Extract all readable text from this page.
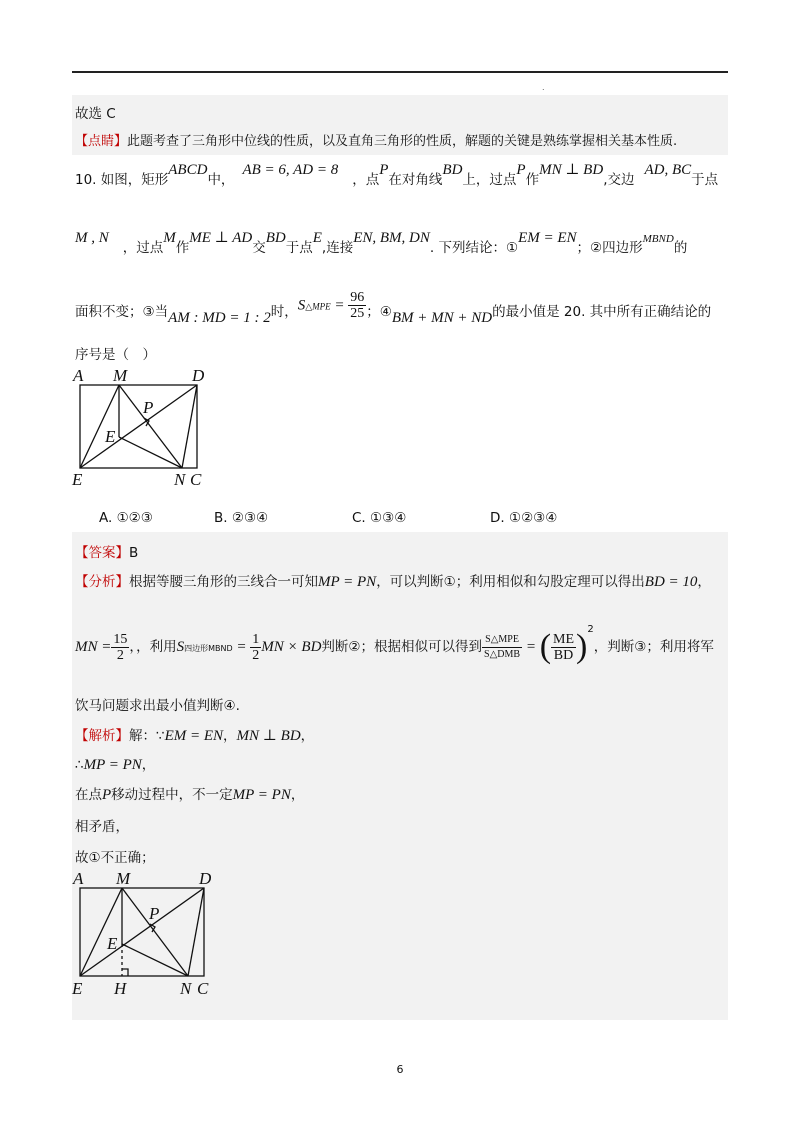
.
故选 C
【点睛】此题考查了三角形中位线的性质，以及直角三角形的性质，解题的关键是熟练掌握相关基本性质.
10. 如图，矩形ABCD中，AB = 6, AD = 8，点P在对角线BD上，过点P作MN ⊥ BD,交边AD, BC于点
M , N，过点M作ME ⊥ AD交BD于点E,连接EN, BM, DN. 下列结论：①EM = EN；②四边形$^{MBND}$的
面积不变；③当AM : MD = 1 : 2时，S△MPE = $\frac{96}{25}$ ；④BM + MN + ND的最小值是 20. 其中所有正确结论的
序号是（　）
A M	D
P
E
E	N C
A. ①②③	B. ②③④	C. ①③④	D. ①②③④
【答案】B
【分析】根据等腰三角形的三线合一可知MP = PN，可以判断①；利用相似和勾股定理可以得出BD = 10，
MN = $\frac{15}{2}$ ，，利用S四边形MBND = $\frac{1}{2}$ MN × BD判断②；根据相似可以得到 $\frac{\text{S△MPE}}{\text{S△DMB}}$ = ( $\frac{ME}{BD} )^2$，判断③；利用将军
饮马问题求出最小值判断④.
【解析】解：∵EM = EN，MN ⊥ BD，
∴MP = PN，
在点P移动过程中，不一定MP = PN，
相矛盾，
故①不正确；
A M	D
P
E
E H	N C
6
